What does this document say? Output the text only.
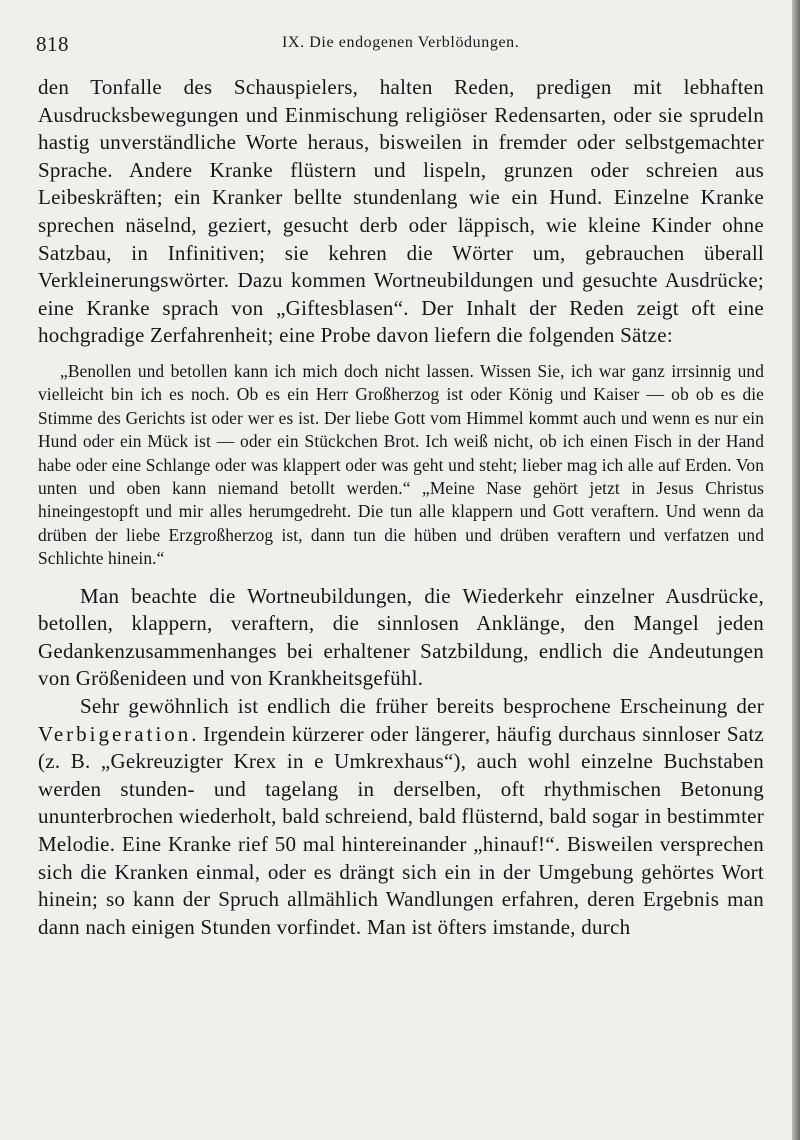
818	IX. Die endogenen Verblödungen.

den Tonfalle des Schauspielers, halten Reden, predigen mit lebhaften Ausdrucksbewegungen und Einmischung religiöser Redensarten, oder sie sprudeln hastig unverständliche Worte heraus, bisweilen in fremder oder selbstgemachter Sprache. Andere Kranke flüstern und lispeln, grunzen oder schreien aus Leibeskräften; ein Kranker bellte stundenlang wie ein Hund. Einzelne Kranke sprechen näselnd, geziert, gesucht derb oder läppisch, wie kleine Kinder ohne Satzbau, in Infinitiven; sie kehren die Wörter um, gebrauchen überall Verkleinerungswörter. Dazu kommen Wortneubildungen und gesuchte Ausdrücke; eine Kranke sprach von „Giftesblasen“. Der Inhalt der Reden zeigt oft eine hochgradige Zerfahrenheit; eine Probe davon liefern die folgenden Sätze:

„Benollen und betollen kann ich mich doch nicht lassen. Wissen Sie, ich war ganz irrsinnig und vielleicht bin ich es noch. Ob es ein Herr Großherzog ist oder König und Kaiser — ob ob es die Stimme des Gerichts ist oder wer es ist. Der liebe Gott vom Himmel kommt auch und wenn es nur ein Hund oder ein Mück ist — oder ein Stückchen Brot. Ich weiß nicht, ob ich einen Fisch in der Hand habe oder eine Schlange oder was klappert oder was geht und steht; lieber mag ich alle auf Erden. Von unten und oben kann niemand betollt werden.“ „Meine Nase gehört jetzt in Jesus Christus hineingestopft und mir alles herumgedreht. Die tun alle klappern und Gott veraftern. Und wenn da drüben der liebe Erzgroßherzog ist, dann tun die hüben und drüben veraftern und verfatzen und Schlichte hinein.“

Man beachte die Wortneubildungen, die Wiederkehr einzelner Ausdrücke, betollen, klappern, veraftern, die sinnlosen Anklänge, den Mangel jeden Gedankenzusammenhanges bei erhaltener Satzbildung, endlich die Andeutungen von Größenideen und von Krankheitsgefühl.

Sehr gewöhnlich ist endlich die früher bereits besprochene Erscheinung der Verbigeration. Irgendein kürzerer oder längerer, häufig durchaus sinnloser Satz (z. B. „Gekreuzigter Krex in e Umkrexhaus“), auch wohl einzelne Buchstaben werden stunden- und tagelang in derselben, oft rhythmischen Betonung ununterbrochen wiederholt, bald schreiend, bald flüsternd, bald sogar in bestimmter Melodie. Eine Kranke rief 50 mal hintereinander „hinauf!“. Bisweilen versprechen sich die Kranken einmal, oder es drängt sich ein in der Umgebung gehörtes Wort hinein; so kann der Spruch allmählich Wandlungen erfahren, deren Ergebnis man dann nach einigen Stunden vorfindet. Man ist öfters imstande, durch
